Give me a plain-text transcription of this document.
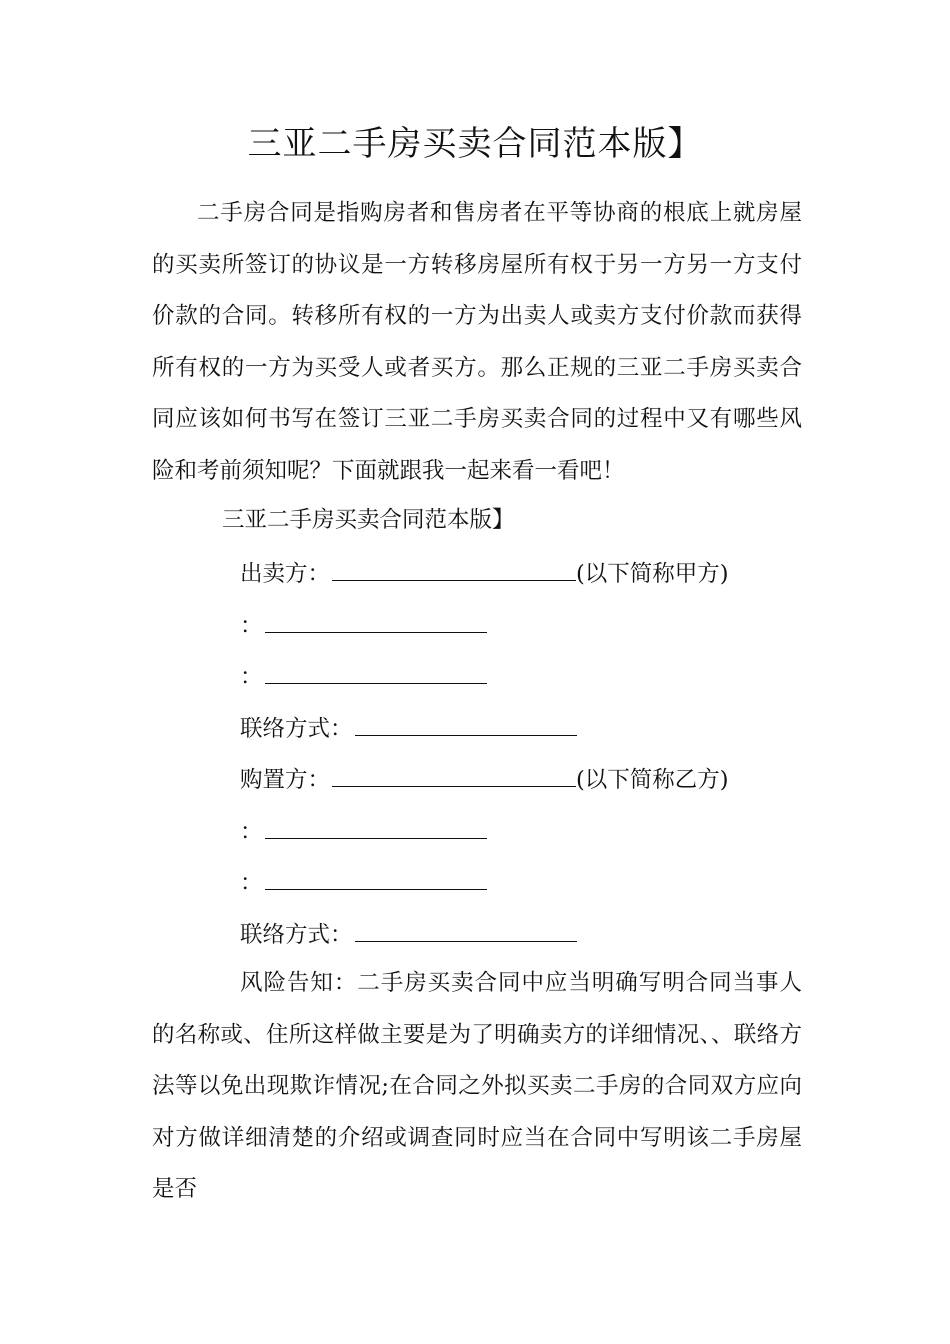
三亚二手房买卖合同范本版】
二手房合同是指购房者和售房者在平等协商的根底上就房屋的买卖所签订的协议是一方转移房屋所有权于另一方另一方支付价款的合同。转移所有权的一方为出卖人或卖方支付价款而获得所有权的一方为买受人或者买方。那么正规的三亚二手房买卖合同应该如何书写在签订三亚二手房买卖合同的过程中又有哪些风险和考前须知呢？下面就跟我一起来看一看吧！
三亚二手房买卖合同范本版】
出卖方：	(以下简称甲方)
：
：
联络方式：
购置方：	(以下简称乙方)
：
：
联络方式：
风险告知：二手房买卖合同中应当明确写明合同当事人的名称或、住所这样做主要是为了明确卖方的详细情况、、联络方法等以免出现欺诈情况;在合同之外拟买卖二手房的合同双方应向对方做详细清楚的介绍或调查同时应当在合同中写明该二手房屋是否
